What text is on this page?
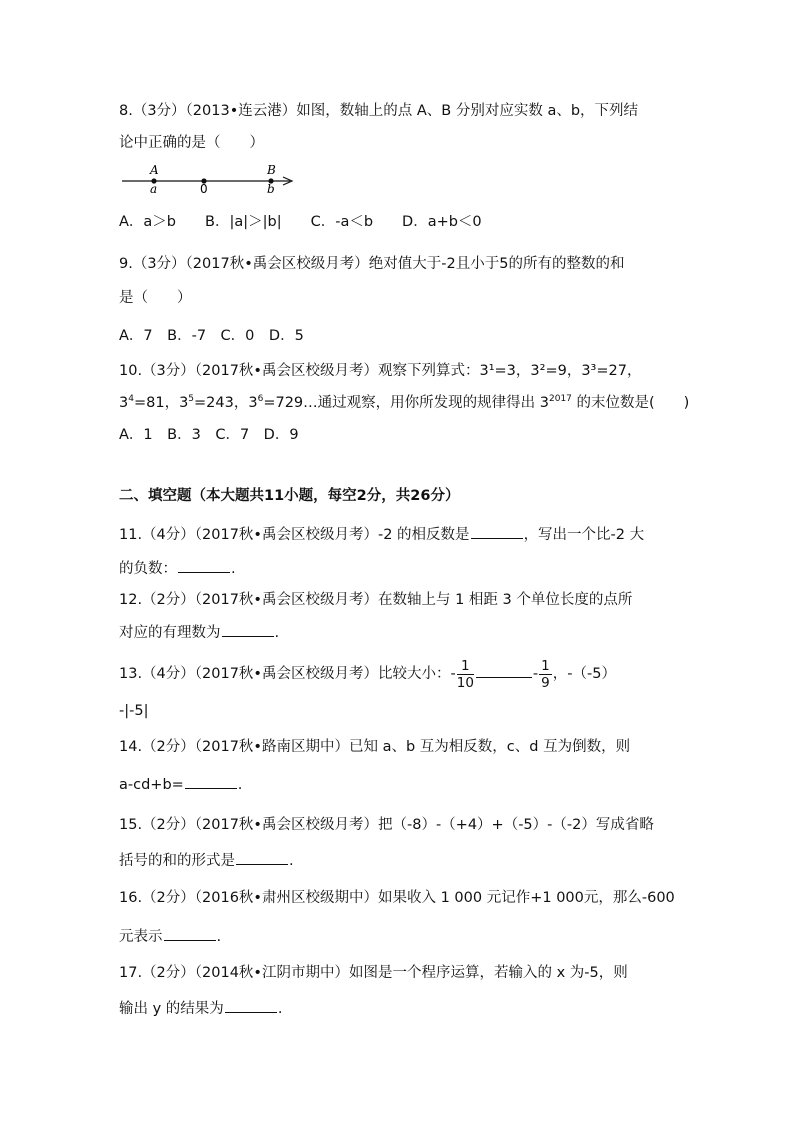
8.（3分）（2013•连云港）如图，数轴上的点 A、B 分别对应实数 a、b，下列结
论中正确的是（　　）
A
a	0
B
b
A．a＞b　　B．|a|＞|b|　　C．-a＜b　　D．a+b＜0
9.（3分）（2017秋•禹会区校级月考）绝对值大于-2且小于5的所有的整数的和
是（　　）
A．7　B．-7　C．0　D．5
10.（3分）（2017秋•禹会区校级月考）观察下列算式：3¹=3，3²=9，3³=27，
$3^4=81$，$3^5=243$，$3^6=729\dots$通过观察，用你所发现的规律得出 $3^{2017}$ 的末位数是(　　)
A．1　B．3　C．7　D．9
二、填空题（本大题共11小题，每空2分，共26分）
11.（4分）（2017秋•禹会区校级月考）-2 的相反数是	，写出一个比-2 大
的负数：	.
12.（2分）（2017秋•禹会区校级月考）在数轴上与 1 相距 3 个单位长度的点所
对应的有理数为	.
13.（4分）（2017秋•禹会区校级月考）比较大小：- $\frac{1}{10}$	- $\frac{1}{9}$ ，-（-5）
-|-5|
14.（2分）（2017秋•路南区期中）已知 a、b 互为相反数，c、d 互为倒数，则
a-cd+b=	.
15.（2分）（2017秋•禹会区校级月考）把（-8）-（+4）+（-5）-（-2）写成省略
括号的和的形式是	.
16.（2分）（2016秋•肃州区校级期中）如果收入 1 000 元记作+1 000元，那么-600
元表示	.
17.（2分）（2014秋•江阴市期中）如图是一个程序运算，若输入的 x 为-5，则
输出 y 的结果为	.
